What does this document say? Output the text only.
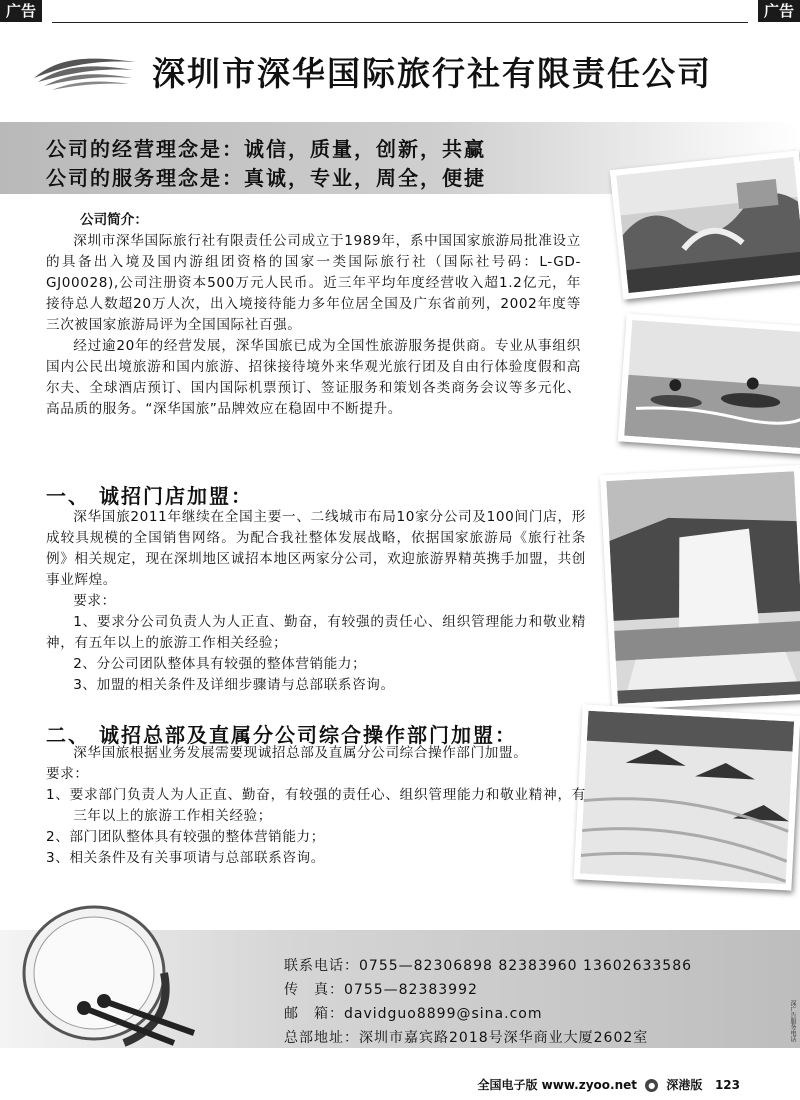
广告	广告
深圳市深华国际旅行社有限责任公司
公司的经营理念是：诚信，质量，创新，共赢
公司的服务理念是：真诚，专业，周全，便捷

公司简介：

深圳市深华国际旅行社有限责任公司成立于1989年，系中国国家旅游局批准设立的具备出入境及国内游组团资格的国家一类国际旅行社（国际社号码：L-GD-GJ00028),公司注册资本500万元人民币。近三年平均年度经营收入超1.2亿元，年接待总人数超20万人次，出入境接待能力多年位居全国及广东省前列，2002年度等三次被国家旅游局评为全国国际社百强。

经过逾20年的经营发展，深华国旅已成为全国性旅游服务提供商。专业从事组织国内公民出境旅游和国内旅游、招徕接待境外来华观光旅行团及自由行体验度假和高尔夫、全球酒店预订、国内国际机票预订、签证服务和策划各类商务会议等多元化、高品质的服务。“深华国旅”品牌效应在稳固中不断提升。

一、 诚招门店加盟：

深华国旅2011年继续在全国主要一、二线城市布局10家分公司及100间门店，形成较具规模的全国销售网络。为配合我社整体发展战略，依据国家旅游局《旅行社条例》相关规定，现在深圳地区诚招本地区两家分公司，欢迎旅游界精英携手加盟，共创事业辉煌。

要求：

1、要求分公司负责人为人正直、勤奋，有较强的责任心、组织管理能力和敬业精神，有五年以上的旅游工作相关经验；

2、分公司团队整体具有较强的整体营销能力；

3、加盟的相关条件及详细步骤请与总部联系咨询。

二、 诚招总部及直属分公司综合操作部门加盟：

深华国旅根据业务发展需要现诚招总部及直属分公司综合操作部门加盟。

要求：

1、要求部门负责人为人正直、勤奋，有较强的责任心、组织管理能力和敬业精神，有三年以上的旅游工作相关经验；

2、部门团队整体具有较强的整体营销能力；

3、相关条件及有关事项请与总部联系咨询。

联系电话：0755—82306898 82383960 13602633586
传　真：0755—82383992
邮　箱：davidguo8899@sina.com
总部地址：深圳市嘉宾路2018号深华商业大厦2602室	深广告服务电话
全国电子版 www.zyoo.net ● 深港版 123
